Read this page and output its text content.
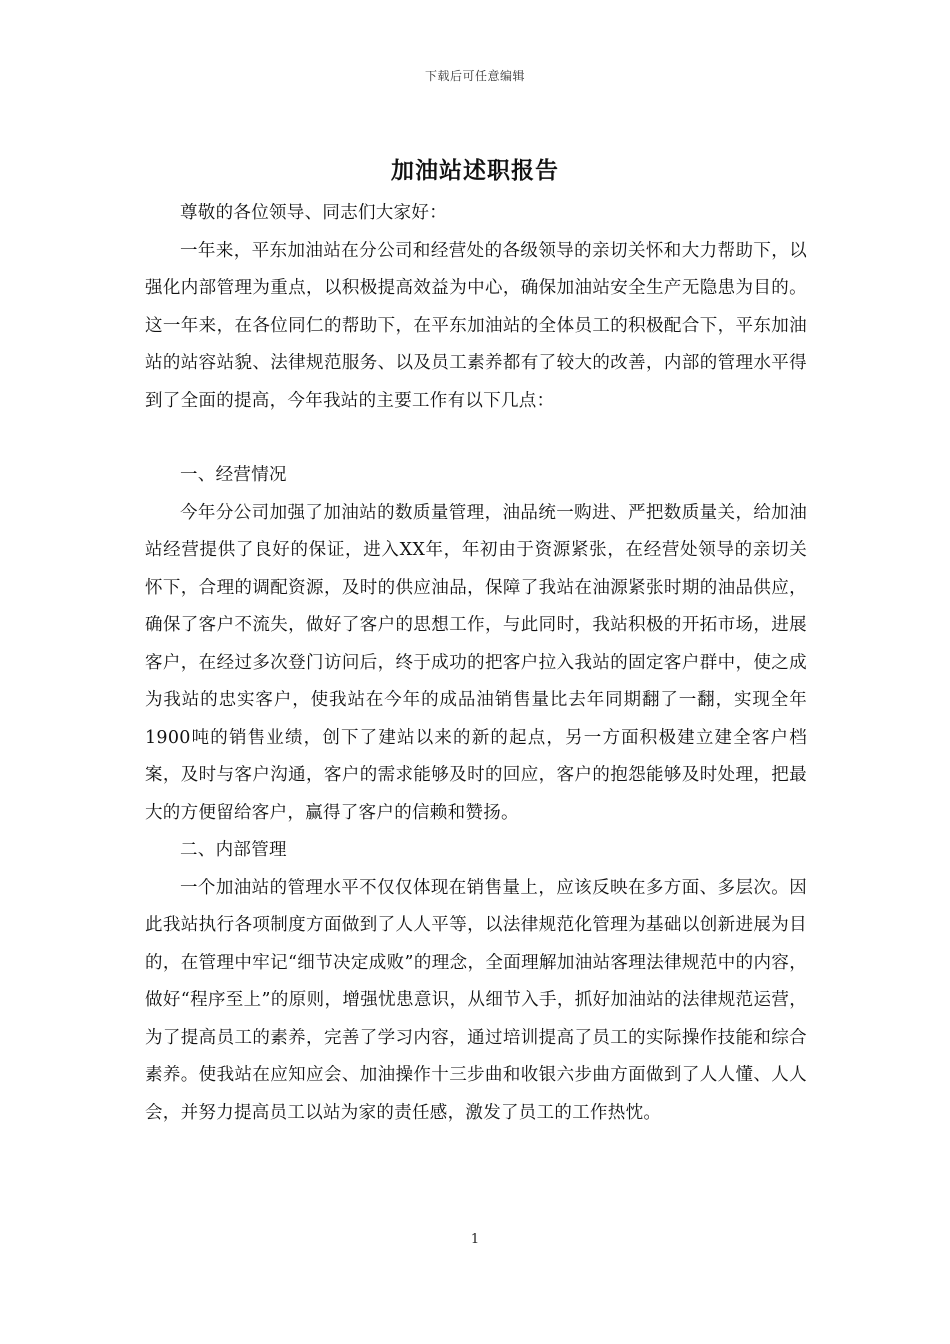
下载后可任意编辑
加油站述职报告

尊敬的各位领导、同志们大家好：

一年来，平东加油站在分公司和经营处的各级领导的亲切关怀和大力帮助下，以强化内部管理为重点，以积极提高效益为中心，确保加油站安全生产无隐患为目的。这一年来，在各位同仁的帮助下，在平东加油站的全体员工的积极配合下，平东加油站的站容站貌、法律规范服务、以及员工素养都有了较大的改善，内部的管理水平得到了全面的提高，今年我站的主要工作有以下几点：

一、经营情况

今年分公司加强了加油站的数质量管理，油品统一购进、严把数质量关，给加油站经营提供了良好的保证，进入XX年，年初由于资源紧张，在经营处领导的亲切关怀下，合理的调配资源，及时的供应油品，保障了我站在油源紧张时期的油品供应，确保了客户不流失，做好了客户的思想工作，与此同时，我站积极的开拓市场，进展客户，在经过多次登门访问后，终于成功的把客户拉入我站的固定客户群中，使之成为我站的忠实客户，使我站在今年的成品油销售量比去年同期翻了一翻，实现全年1900吨的销售业绩，创下了建站以来的新的起点，另一方面积极建立建全客户档案，及时与客户沟通，客户的需求能够及时的回应，客户的抱怨能够及时处理，把最大的方便留给客户，赢得了客户的信赖和赞扬。

二、内部管理

一个加油站的管理水平不仅仅体现在销售量上，应该反映在多方面、多层次。因此我站执行各项制度方面做到了人人平等，以法律规范化管理为基础以创新进展为目的，在管理中牢记“细节决定成败”的理念，全面理解加油站客理法律规范中的内容，做好“程序至上”的原则，增强忧患意识，从细节入手，抓好加油站的法律规范运营，为了提高员工的素养，完善了学习内容，通过培训提高了员工的实际操作技能和综合素养。使我站在应知应会、加油操作十三步曲和收银六步曲方面做到了人人懂、人人会，并努力提高员工以站为家的责任感，激发了员工的工作热忱。

1
